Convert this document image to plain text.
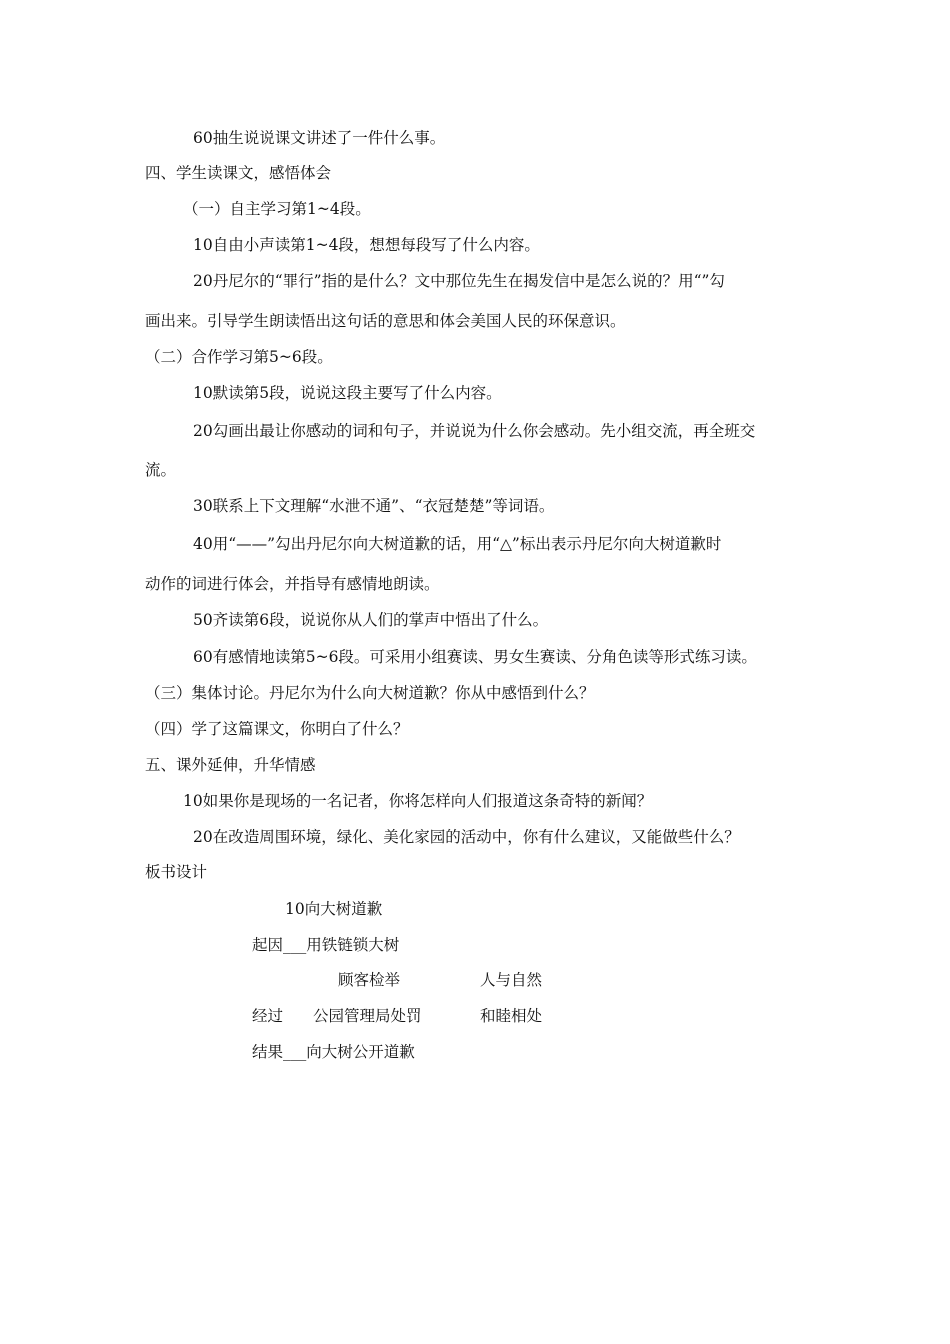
60抽生说说课文讲述了一件什么事。
四、学生读课文，感悟体会
（一）自主学习第1~4段。
10自由小声读第1~4段，想想每段写了什么内容。
20丹尼尔的“罪行”指的是什么？文中那位先生在揭发信中是怎么说的？用“”勾
画出来。引导学生朗读悟出这句话的意思和体会美国人民的环保意识。
（二）合作学习第5~6段。
10默读第5段，说说这段主要写了什么内容。
20勾画出最让你感动的词和句子，并说说为什么你会感动。先小组交流，再全班交
流。
30联系上下文理解“水泄不通”、“衣冠楚楚”等词语。
40用“——”勾出丹尼尔向大树道歉的话，用“△”标出表示丹尼尔向大树道歉时
动作的词进行体会，并指导有感情地朗读。
50齐读第6段，说说你从人们的掌声中悟出了什么。
60有感情地读第5~6段。可采用小组赛读、男女生赛读、分角色读等形式练习读。
（三）集体讨论。丹尼尔为什么向大树道歉？你从中感悟到什么？
（四）学了这篇课文，你明白了什么？
五、课外延伸，升华情感
10如果你是现场的一名记者，你将怎样向人们报道这条奇特的新闻？
20在改造周围环境，绿化、美化家园的活动中，你有什么建议，又能做些什么？
板书设计
10向大树道歉
起因___用铁链锁大树
顾客检举	人与自然
经过 公园管理局处罚	和睦相处
结果___向大树公开道歉
